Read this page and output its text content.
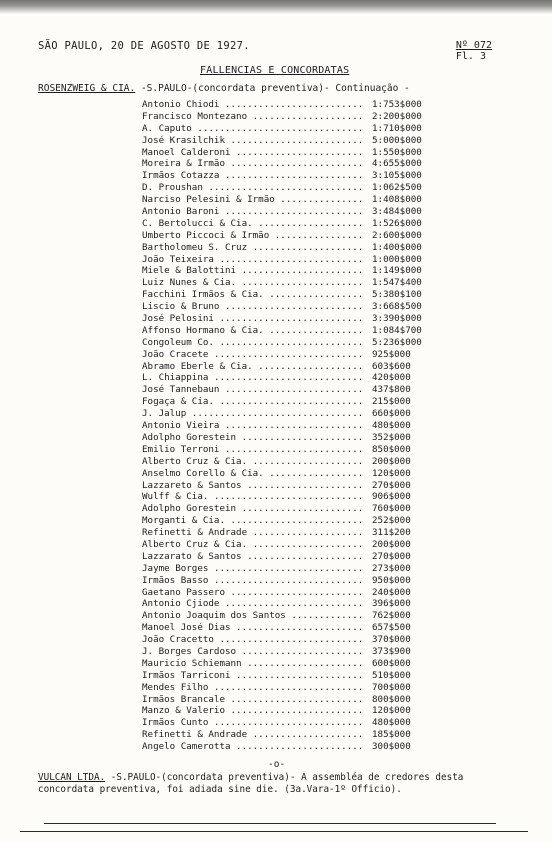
SÃO PAULO, 20 DE AGOSTO DE 1927.	Nº 072
Fl. 3
FALLENCIAS E CONCORDATAS
ROSENZWEIG & CIA. -S.PAULO-(concordata preventiva)- Continuação -
Antonio Chiodi ......................... 1:753$000
Francisco Montezano .................... 2:200$000
A. Caputo .............................. 1:710$000
José Krasilchik ........................ 5:000$000
Manoel Calderoni ....................... 1:550$000
Moreira & Irmão ........................ 4:655$000
Irmãos Cotazza ......................... 3:105$000
D. Proushan ............................ 1:062$500
Narciso Pelesini & Irmão ............... 1:408$000
Antonio Baroni ......................... 3:484$000
C. Bertolucci & Cia. ................... 1:526$000
Umberto Piccoci & Irmão ................ 2:600$000
Bartholomeu S. Cruz .................... 1:400$000
João Teixeira .......................... 1:000$000
Miele & Balottini ...................... 1:149$000
Luiz Nunes & Cia. ...................... 1:547$400
Facchini Irmãos & Cia. ................. 5:380$100
Liscio & Bruno ......................... 3:668$500
José Pelosini .......................... 3:390$000
Affonso Hormano & Cia. ................. 1:084$700
Congoleum Co. .......................... 5:236$000
João Cracete ........................... 925$000
Abramo Eberle & Cia. ................... 603$600
L. Chiappina ........................... 420$000
José Tannebaun ......................... 437$800
Fogaça & Cia. .......................... 215$000
J. Jalup ............................... 660$000
Antonio Vieira ......................... 480$000
Adolpho Gorestein ...................... 352$000
Emilio Terroni ......................... 850$000
Alberto Cruz & Cia. .................... 200$000
Anselmo Corello & Cia. ................. 120$000
Lazzareto & Santos ..................... 270$000
Wulff & Cia. ........................... 906$000
Adolpho Gorestein ...................... 760$000
Morganti & Cia. ........................ 252$000
Refinetti & Andrade .................... 311$200
Alberto Cruz & Cia. .................... 200$000
Lazzarato & Santos ..................... 270$000
Jayme Borges ........................... 273$000
Irmãos Basso ........................... 950$000
Gaetano Passero ........................ 240$000
Antonio Cjiode ......................... 396$000
Antonio Joaquim dos Santos ............. 762$000
Manoel José Dias ....................... 657$500
João Cracetto .......................... 370$000
J. Borges Cardoso ...................... 373$900
Mauricio Schiemann ..................... 600$000
Irmãos Tarriconi ....................... 510$000
Mendes Filho ........................... 700$000
Irmãos Brancale ........................ 800$000
Manzo & Valerio ........................ 120$000
Irmãos Cunto ........................... 480$000
Refinetti & Andrade .................... 185$000
Angelo Camerotta ....................... 300$000
-o-
VULCAN LTDA. -S.PAULO-(concordata preventiva)- A assembléa de credores desta concordata preventiva, foi adiada sine die. (3a.Vara-1º Officio).
